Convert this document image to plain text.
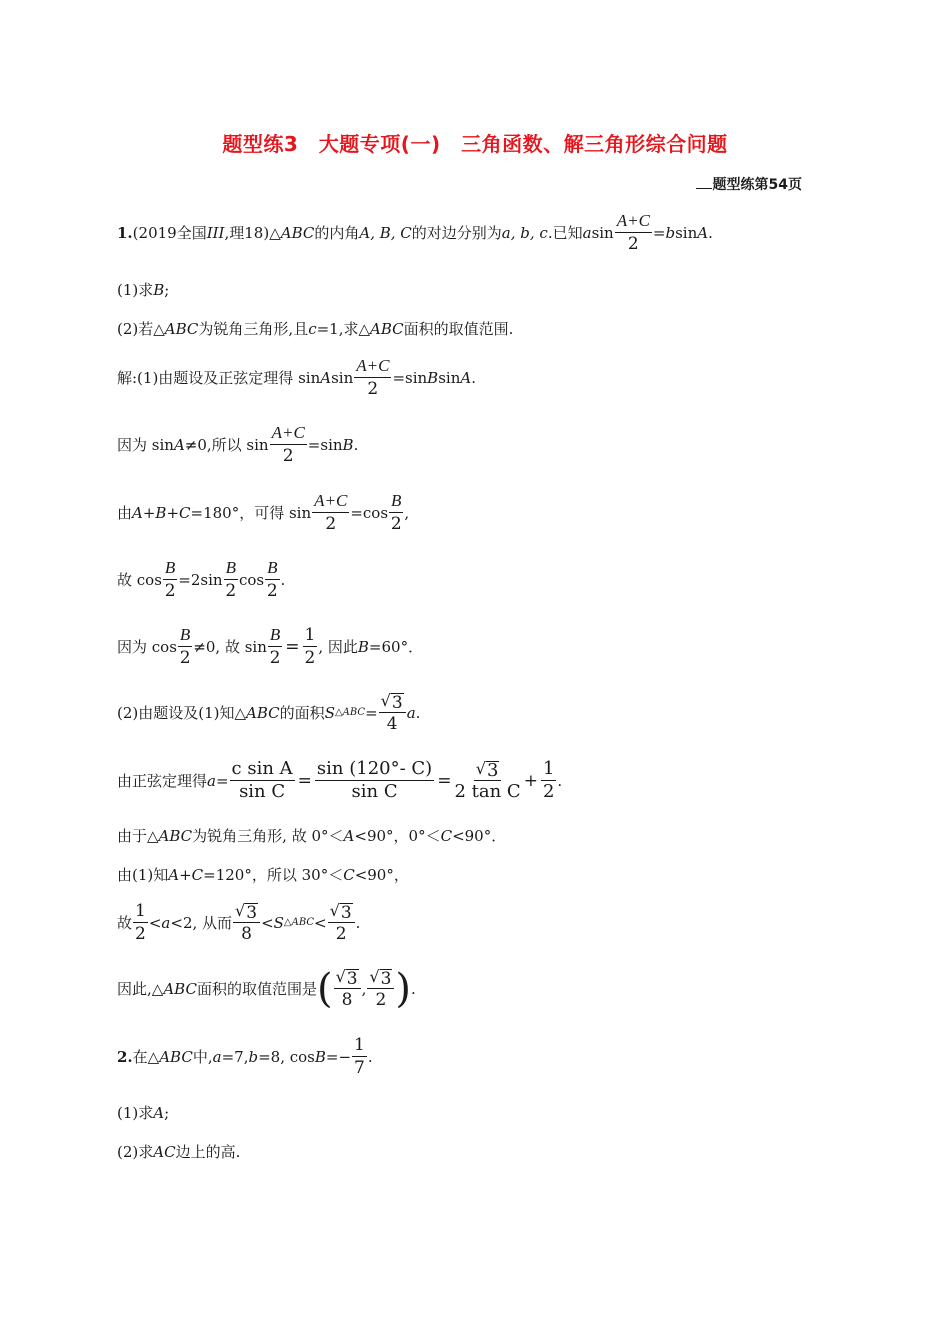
题型练3　大题专项(一)　三角函数、解三角形综合问题
题型练第54页
1. (2019全国 III ,理18)△ ABC 的内角 A, B, C 的对边分别为 a, b, c .已知 a $\sin \frac{A+C}{2} = b$ sin A .
(1)求 B ;
(2)若△ ABC 为锐角三角形,且 c =1,求△ ABC 面积的取值范围.
解:(1)由题设及正弦定理得 sin A $\sin \frac{A+C}{2} =\sin$ B sin A .
因为 sin A ≠0,所以 $\sin \frac{A+C}{2} =\sin$ B .
由 A+B+C =180°，可得 $\sin \frac{A+C}{2} =\cos \frac{B}{2}$ ,
故 $\cos \frac{B}{2} =2\sin \frac{B}{2}$ $\cos \frac{B}{2}$ .
因为 $\cos \frac{B}{2} \ne 0$, 故 $\sin \frac{B}{2} = \frac{1}{2}$ , 因此 B =60°．
(2)由题设及(1)知△ ABC 的面积 S △ABC = $\frac{√ 3}{4}$ a .
由正弦定理得 $a = \frac{\text{c sin A}}{\text{sin C}} = \frac{\sin (120^\circ- C)}{\text{sin C}} = \frac{√ 3}{\text{2 tan C}} + \frac{1}{2}$ .
由于△ ABC 为锐角三角形, 故 0°＜ A <90°，0°＜ C <90°．
由(1)知 A+C =120°，所以 30°＜ C <90°，
故 $\frac{1}{2} < a <2$, 从而 $\frac{√ 3}{8} < S$ △ABC < $\frac{√ 3}{2}$ .
因此,△ ABC 面积的取值范围是 ( $\frac{√ 3}{8}$ , $\frac{√ 3}{2}$ ) .
2. 在△ ABC 中, a =7, b =8, $\cos B =- \frac{1}{7}$ .
(1)求 A ;
(2)求 AC 边上的高.
